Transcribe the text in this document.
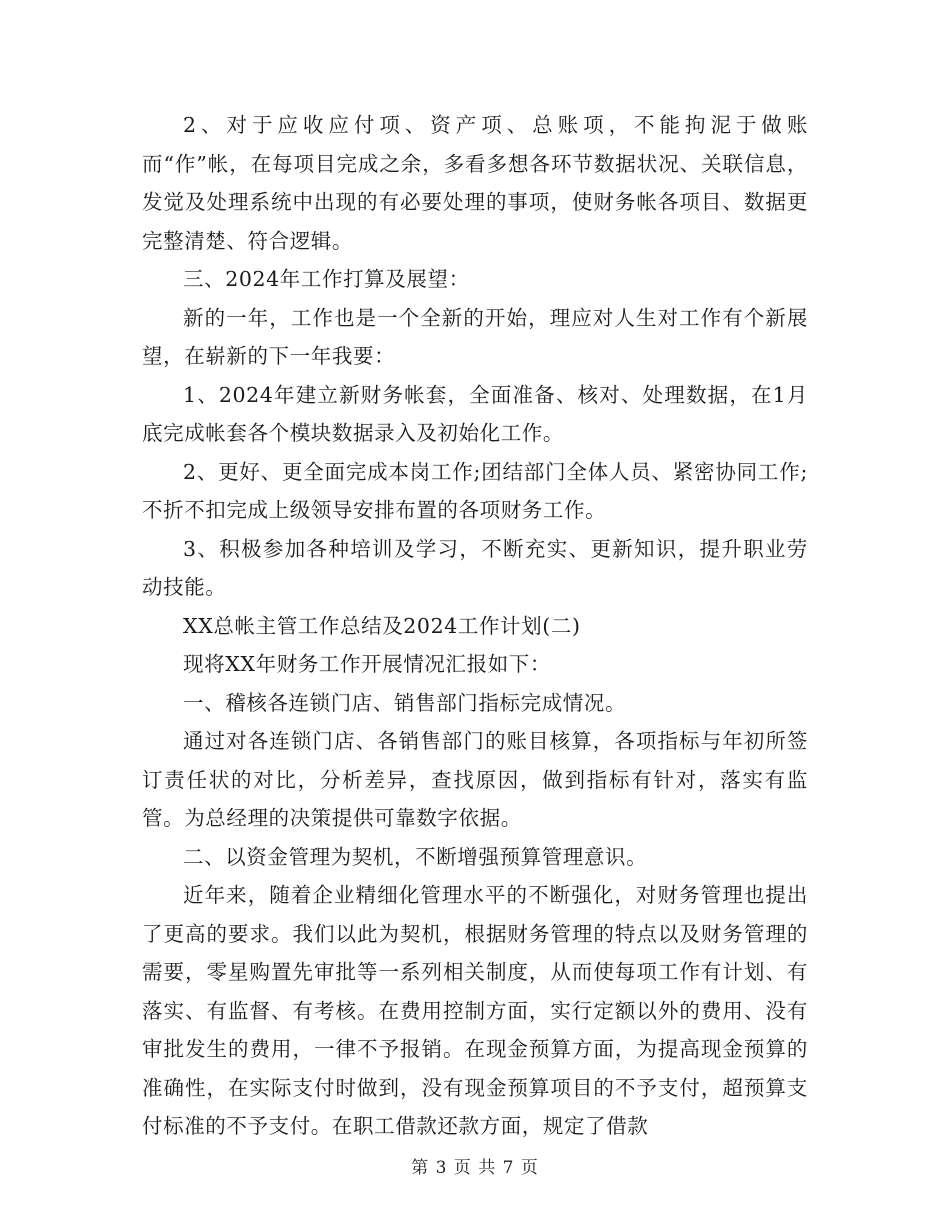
2、对于应收应付项、资产项、总账项，不能拘泥于做账而“作”帐，在每项目完成之余，多看多想各环节数据状况、关联信息，发觉及处理系统中出现的有必要处理的事项，使财务帐各项目、数据更完整清楚、符合逻辑。

三、2024年工作打算及展望：

新的一年，工作也是一个全新的开始，理应对人生对工作有个新展望，在崭新的下一年我要：

1、2024年建立新财务帐套，全面准备、核对、处理数据，在1月底完成帐套各个模块数据录入及初始化工作。

2、更好、更全面完成本岗工作;团结部门全体人员、紧密协同工作;不折不扣完成上级领导安排布置的各项财务工作。

3、积极参加各种培训及学习，不断充实、更新知识，提升职业劳动技能。

XX总帐主管工作总结及2024工作计划(二)

现将XX年财务工作开展情况汇报如下：

一、稽核各连锁门店、销售部门指标完成情况。

通过对各连锁门店、各销售部门的账目核算，各项指标与年初所签订责任状的对比，分析差异，查找原因，做到指标有针对，落实有监管。为总经理的决策提供可靠数字依据。

二、以资金管理为契机，不断增强预算管理意识。

近年来，随着企业精细化管理水平的不断强化，对财务管理也提出了更高的要求。我们以此为契机，根据财务管理的特点以及财务管理的需要，零星购置先审批等一系列相关制度，从而使每项工作有计划、有落实、有监督、有考核。在费用控制方面，实行定额以外的费用、没有审批发生的费用，一律不予报销。在现金预算方面，为提高现金预算的准确性，在实际支付时做到，没有现金预算项目的不予支付，超预算支付标准的不予支付。在职工借款还款方面，规定了借款

第 3 页 共 7 页
